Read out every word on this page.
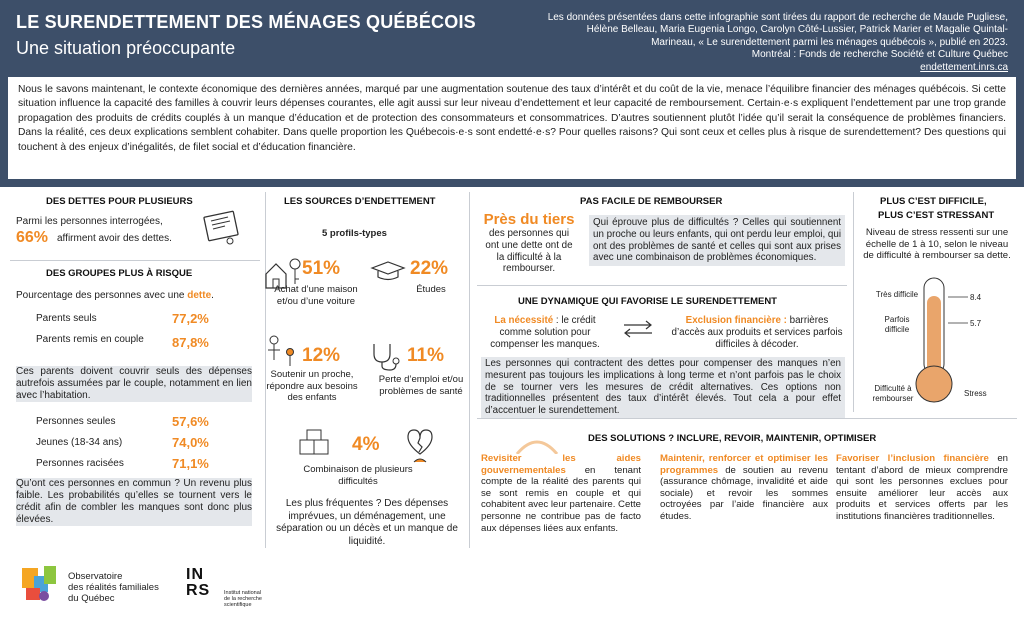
LE SURENDETTEMENT DES MÉNAGES QUÉBÉCOIS
Une situation préoccupante
Les données présentées dans cette infographie sont tirées du rapport de recherche de Maude Pugliese,
Hélène Belleau, Maria Eugenia Longo, Carolyn Côté-Lussier, Patrick Marier et Magalie Quintal-
Marineau, « Le surendettement parmi les ménages québécois », publié en 2023.
Montréal : Fonds de recherche Société et Culture Québec
endettement.inrs.ca
Nous le savons maintenant, le contexte économique des dernières années, marqué par une augmentation soutenue des taux d’intérêt et du coût de la vie, menace l’équilibre financier des ménages québécois. Si cette situation influence la capacité des familles à couvrir leurs dépenses courantes, elle agit aussi sur leur niveau d’endettement et leur capacité de remboursement. Certain·e·s expliquent l’endettement par une trop grande propagation des produits de crédits couplés à un manque d’éducation et de protection des consommateurs et consommatrices. D’autres soutiennent plutôt l’idée qu’il serait la conséquence de problèmes financiers. Dans la réalité, ces deux explications semblent cohabiter. Dans quelle proportion les Québecois·e·s sont endetté·e·s? Pour quelles raisons? Qui sont ceux et celles plus à risque de surendettement? Des questions qui touchent à des enjeux d’inégalités, de filet social et d’éducation financière.
DES DETTES POUR PLUSIEURS
Parmi les personnes interrogées,
66% affirment avoir des dettes.
DES GROUPES PLUS À RISQUE
Pourcentage des personnes avec une dette.
Parents seuls	77,2%
Parents remis en couple 87,8%
Ces parents doivent couvrir seuls des dépenses autrefois assumées par le couple, notamment en lien avec l’habitation.
Personnes seules	57,6%
Jeunes (18-34 ans)	74,0%
Personnes racisées	71,1%
Qu’ont ces personnes en commun ? Un revenu plus faible. Les probabilités qu’elles se tournent vers le crédit afin de combler les manques sont donc plus élevées.
LES SOURCES D’ENDETTEMENT
5 profils-types
51%
Achat d’une maison et/ou d’une voiture
22%
Études
12%
Soutenir un proche, répondre aux besoins des enfants
11%
Perte d’emploi et/ou problèmes de santé
4%
Combinaison de plusieurs difficultés
Les plus fréquentes ? Des dépenses imprévues, un déménagement, une séparation ou un décès et un manque de liquidité.
PAS FACILE DE REMBOURSER
Près du tiers
des personnes qui ont une dette ont de la difficulté à la rembourser.
Qui éprouve plus de difficultés ? Celles qui soutiennent un proche ou leurs enfants, qui ont perdu leur emploi, qui ont des problèmes de santé et celles qui sont aux prises avec une combinaison de problèmes économiques.
UNE DYNAMIQUE QUI FAVORISE LE SURENDETTEMENT
La nécessité : le crédit comme solution pour compenser les manques.
Exclusion financière : barrières d’accès aux produits et services parfois difficiles à décoder.
Les personnes qui contractent des dettes pour compenser des manques n’en mesurent pas toujours les implications à long terme et n’ont parfois pas le choix de se tourner vers les mesures de crédit alternatives. Ces options non traditionnelles présentent des taux d’intérêt élevés. Tout cela a pour effet d’accentuer le surendettement.
PLUS C’EST DIFFICILE,
PLUS C’EST STRESSANT
Niveau de stress ressenti sur une échelle de 1 à 10, selon le niveau de difficulté à rembourser sa dette.
Très difficile	8.4
Parfois difficile
5.7
Difficulté à rembourser	Stress
DES SOLUTIONS ? INCLURE, REVOIR, MAINTENIR, OPTIMISER
Revisiter les aides gouvernementales en tenant compte de la réalité des parents qui se sont remis en couple et qui cohabitent avec leur partenaire. Cette personne ne contribue pas de facto aux dépenses liées aux enfants.
Maintenir, renforcer et optimiser les programmes de soutien au revenu (assurance chômage, invalidité et aide sociale) et revoir les sommes octroyées par l’aide financière aux études.
Favoriser l’inclusion financière en tentant d’abord de mieux comprendre qui sont les personnes exclues pour ensuite améliorer leur accès aux produits et services offerts par les institutions financières traditionnelles.
Observatoire
des réalités familiales
du Québec
INRS	Institut national
de la recherche
scientifique
